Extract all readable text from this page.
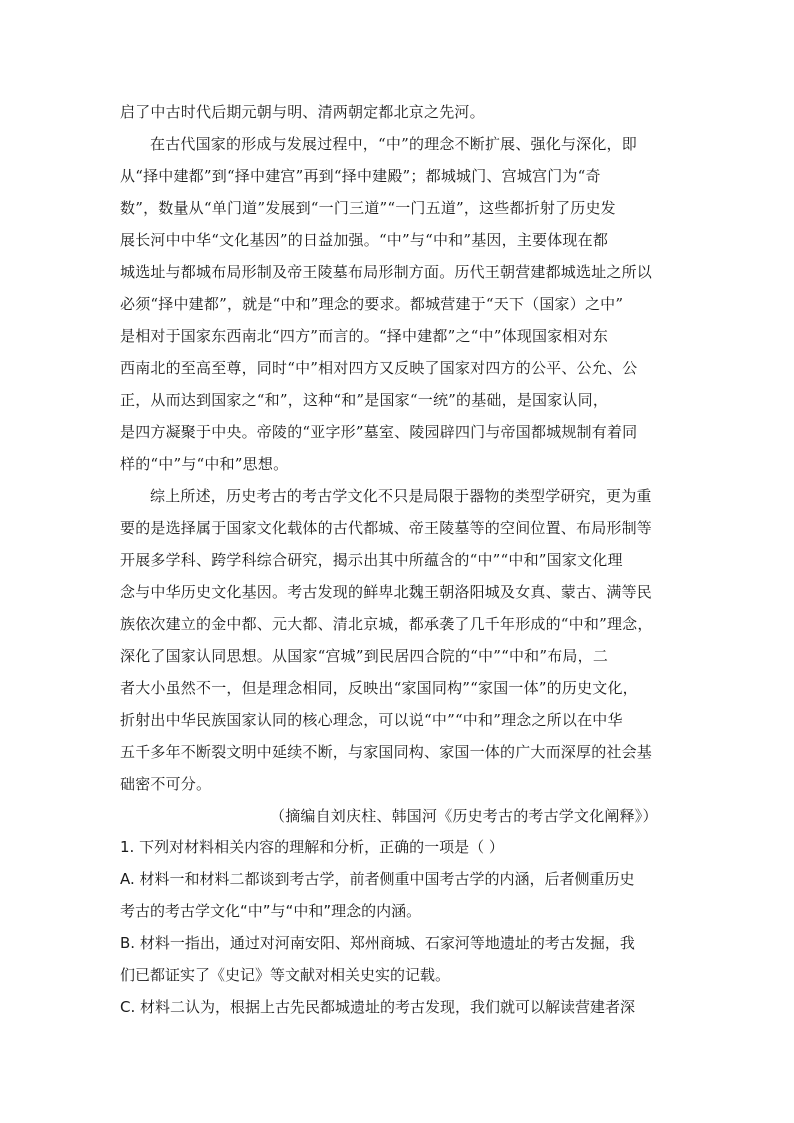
启了中古时代后期元朝与明、清两朝定都北京之先河。
在古代国家的形成与发展过程中，“中”的理念不断扩展、强化与深化，即
从“择中建都”到“择中建宫”再到“择中建殿”；都城城门、宫城宫门为“奇
数”，数量从“单门道”发展到“一门三道”“一门五道”，这些都折射了历史发
展长河中中华“文化基因”的日益加强。“中”与“中和”基因，主要体现在都
城选址与都城布局形制及帝王陵墓布局形制方面。历代王朝营建都城选址之所以
必须“择中建都”，就是“中和”理念的要求。都城营建于“天下（国家）之中”
是相对于国家东西南北“四方”而言的。“择中建都”之“中”体现国家相对东
西南北的至高至尊，同时“中”相对四方又反映了国家对四方的公平、公允、公
正，从而达到国家之“和”，这种“和”是国家“一统”的基础，是国家认同，
是四方凝聚于中央。帝陵的“亚字形”墓室、陵园辟四门与帝国都城规制有着同
样的“中”与“中和”思想。
综上所述，历史考古的考古学文化不只是局限于器物的类型学研究，更为重
要的是选择属于国家文化载体的古代都城、帝王陵墓等的空间位置、布局形制等
开展多学科、跨学科综合研究，揭示出其中所蕴含的“中”“中和”国家文化理
念与中华历史文化基因。考古发现的鲜卑北魏王朝洛阳城及女真、蒙古、满等民
族依次建立的金中都、元大都、清北京城，都承袭了几千年形成的“中和”理念，
深化了国家认同思想。从国家“宫城”到民居四合院的“中”“中和”布局，二
者大小虽然不一，但是理念相同，反映出“家国同构”“家国一体”的历史文化，
折射出中华民族国家认同的核心理念，可以说“中”“中和”理念之所以在中华
五千多年不断裂文明中延续不断，与家国同构、家国一体的广大而深厚的社会基
础密不可分。
（摘编自刘庆柱、韩国河《历史考古的考古学文化阐释》）
1. 下列对材料相关内容的理解和分析，正确的一项是（ ）
A. 材料一和材料二都谈到考古学，前者侧重中国考古学的内涵，后者侧重历史
考古的考古学文化“中”与“中和”理念的内涵。
B. 材料一指出，通过对河南安阳、郑州商城、石家河等地遗址的考古发掘，我
们已都证实了《史记》等文献对相关史实的记载。
C. 材料二认为，根据上古先民都城遗址的考古发现，我们就可以解读营建者深
